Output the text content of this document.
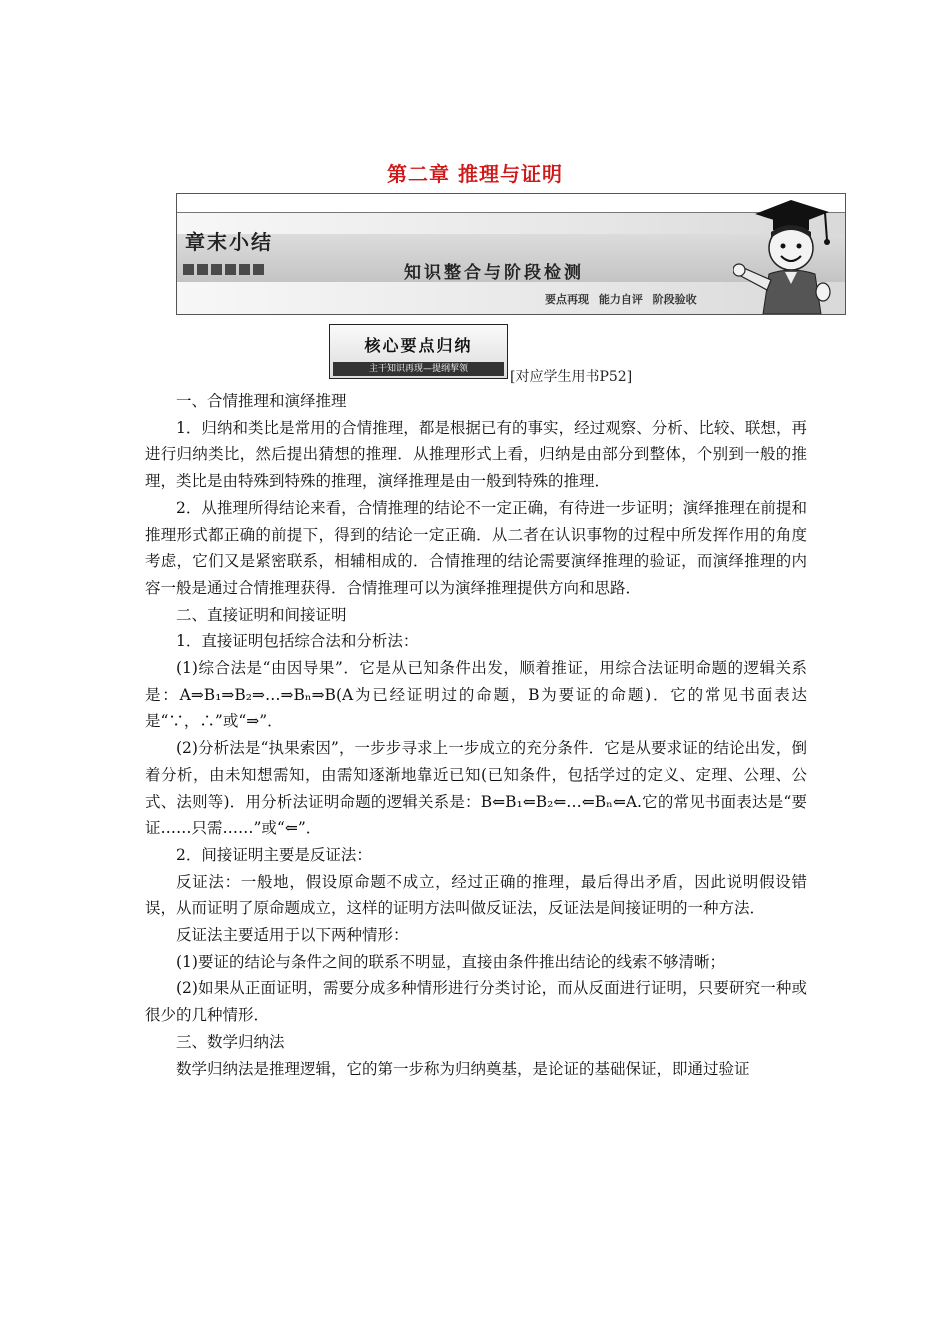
第二章 推理与证明
章末小结
知识整合与阶段检测
要点再现 能力自评 阶段验收
核心要点归纳
主干知识再现—提纲挈领	[对应学生用书P52]

一、合情推理和演绎推理

1．归纳和类比是常用的合情推理，都是根据已有的事实，经过观察、分析、比较、联想，再进行归纳类比，然后提出猜想的推理．从推理形式上看，归纳是由部分到整体，个别到一般的推理，类比是由特殊到特殊的推理，演绎推理是由一般到特殊的推理．

2．从推理所得结论来看，合情推理的结论不一定正确，有待进一步证明；演绎推理在前提和推理形式都正确的前提下，得到的结论一定正确．从二者在认识事物的过程中所发挥作用的角度考虑，它们又是紧密联系，相辅相成的．合情推理的结论需要演绎推理的验证，而演绎推理的内容一般是通过合情推理获得．合情推理可以为演绎推理提供方向和思路．

二、直接证明和间接证明

1．直接证明包括综合法和分析法：

(1)综合法是“由因导果”．它是从已知条件出发，顺着推证，用综合法证明命题的逻辑关系是：A⇒B₁⇒B₂⇒…⇒Bₙ⇒B(A为已经证明过的命题，B为要证的命题)．它的常见书面表达是“∵，∴”或“⇒”．

(2)分析法是“执果索因”，一步步寻求上一步成立的充分条件．它是从要求证的结论出发，倒着分析，由未知想需知，由需知逐渐地靠近已知(已知条件，包括学过的定义、定理、公理、公式、法则等)．用分析法证明命题的逻辑关系是：B⇐B₁⇐B₂⇐…⇐Bₙ⇐A.它的常见书面表达是“要证……只需……”或“⇐”．

2．间接证明主要是反证法：

反证法：一般地，假设原命题不成立，经过正确的推理，最后得出矛盾，因此说明假设错误，从而证明了原命题成立，这样的证明方法叫做反证法，反证法是间接证明的一种方法．

反证法主要适用于以下两种情形：

(1)要证的结论与条件之间的联系不明显，直接由条件推出结论的线索不够清晰；

(2)如果从正面证明，需要分成多种情形进行分类讨论，而从反面进行证明，只要研究一种或很少的几种情形．

三、数学归纳法

数学归纳法是推理逻辑，它的第一步称为归纳奠基，是论证的基础保证，即通过验证
